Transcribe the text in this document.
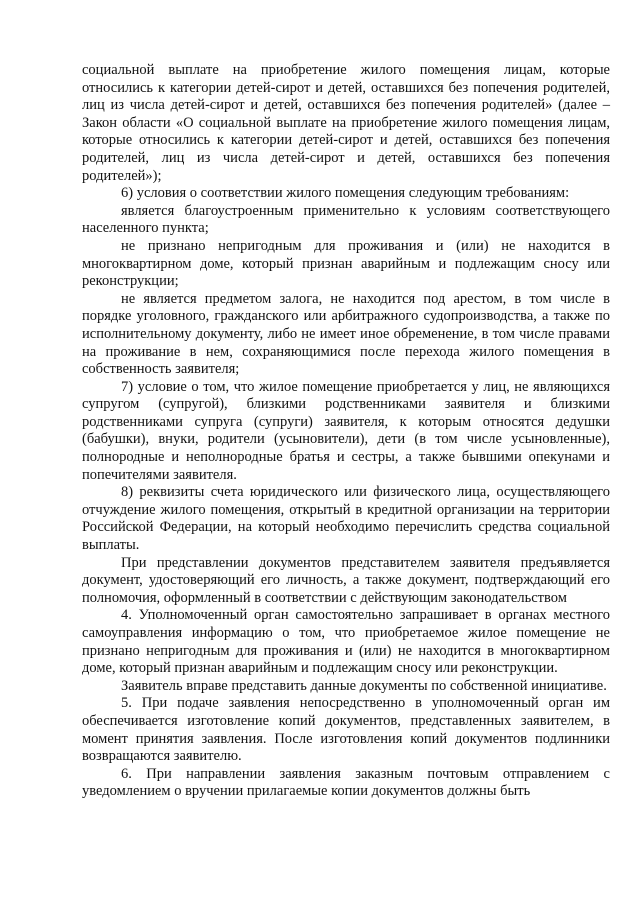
социальной выплате на приобретение жилого помещения лицам, которые относились к категории детей-сирот и детей, оставшихся без попечения родителей, лиц из числа детей-сирот и детей, оставшихся без попечения родителей» (далее – Закон области «О социальной выплате на приобретение жилого помещения лицам, которые относились к категории детей-сирот и детей, оставшихся без попечения родителей, лиц из числа детей-сирот и детей, оставшихся без попечения родителей»);

6) условия о соответствии жилого помещения следующим требованиям:

является благоустроенным применительно к условиям соответствующего населенного пункта;

не признано непригодным для проживания и (или) не находится в многоквартирном доме, который признан аварийным и подлежащим сносу или реконструкции;

не является предметом залога, не находится под арестом, в том числе в порядке уголовного, гражданского или арбитражного судопроизводства, а также по исполнительному документу, либо не имеет иное обременение, в том числе правами на проживание в нем, сохраняющимися после перехода жилого помещения в собственность заявителя;

7) условие о том, что жилое помещение приобретается у лиц, не являющихся супругом (супругой), близкими родственниками заявителя и близкими родственниками супруга (супруги) заявителя, к которым относятся дедушки (бабушки), внуки, родители (усыновители), дети (в том числе усыновленные), полнородные и неполнородные братья и сестры, а также бывшими опекунами и попечителями заявителя.

8) реквизиты счета юридического или физического лица, осуществляющего отчуждение жилого помещения, открытый в кредитной организации на территории Российской Федерации, на который необходимо перечислить средства социальной выплаты.

При представлении документов представителем заявителя предъявляется документ, удостоверяющий его личность, а также документ, подтверждающий его полномочия, оформленный в соответствии с действующим законодательством

4. Уполномоченный орган самостоятельно запрашивает в органах местного самоуправления информацию о том, что приобретаемое жилое помещение не признано непригодным для проживания и (или) не находится в многоквартирном доме, который признан аварийным и подлежащим сносу или реконструкции.

Заявитель вправе представить данные документы по собственной инициативе.

5. При подаче заявления непосредственно в уполномоченный орган им обеспечивается изготовление копий документов, представленных заявителем, в момент принятия заявления. После изготовления копий документов подлинники возвращаются заявителю.

6. При направлении заявления заказным почтовым отправлением с уведомлением о вручении прилагаемые копии документов должны быть
